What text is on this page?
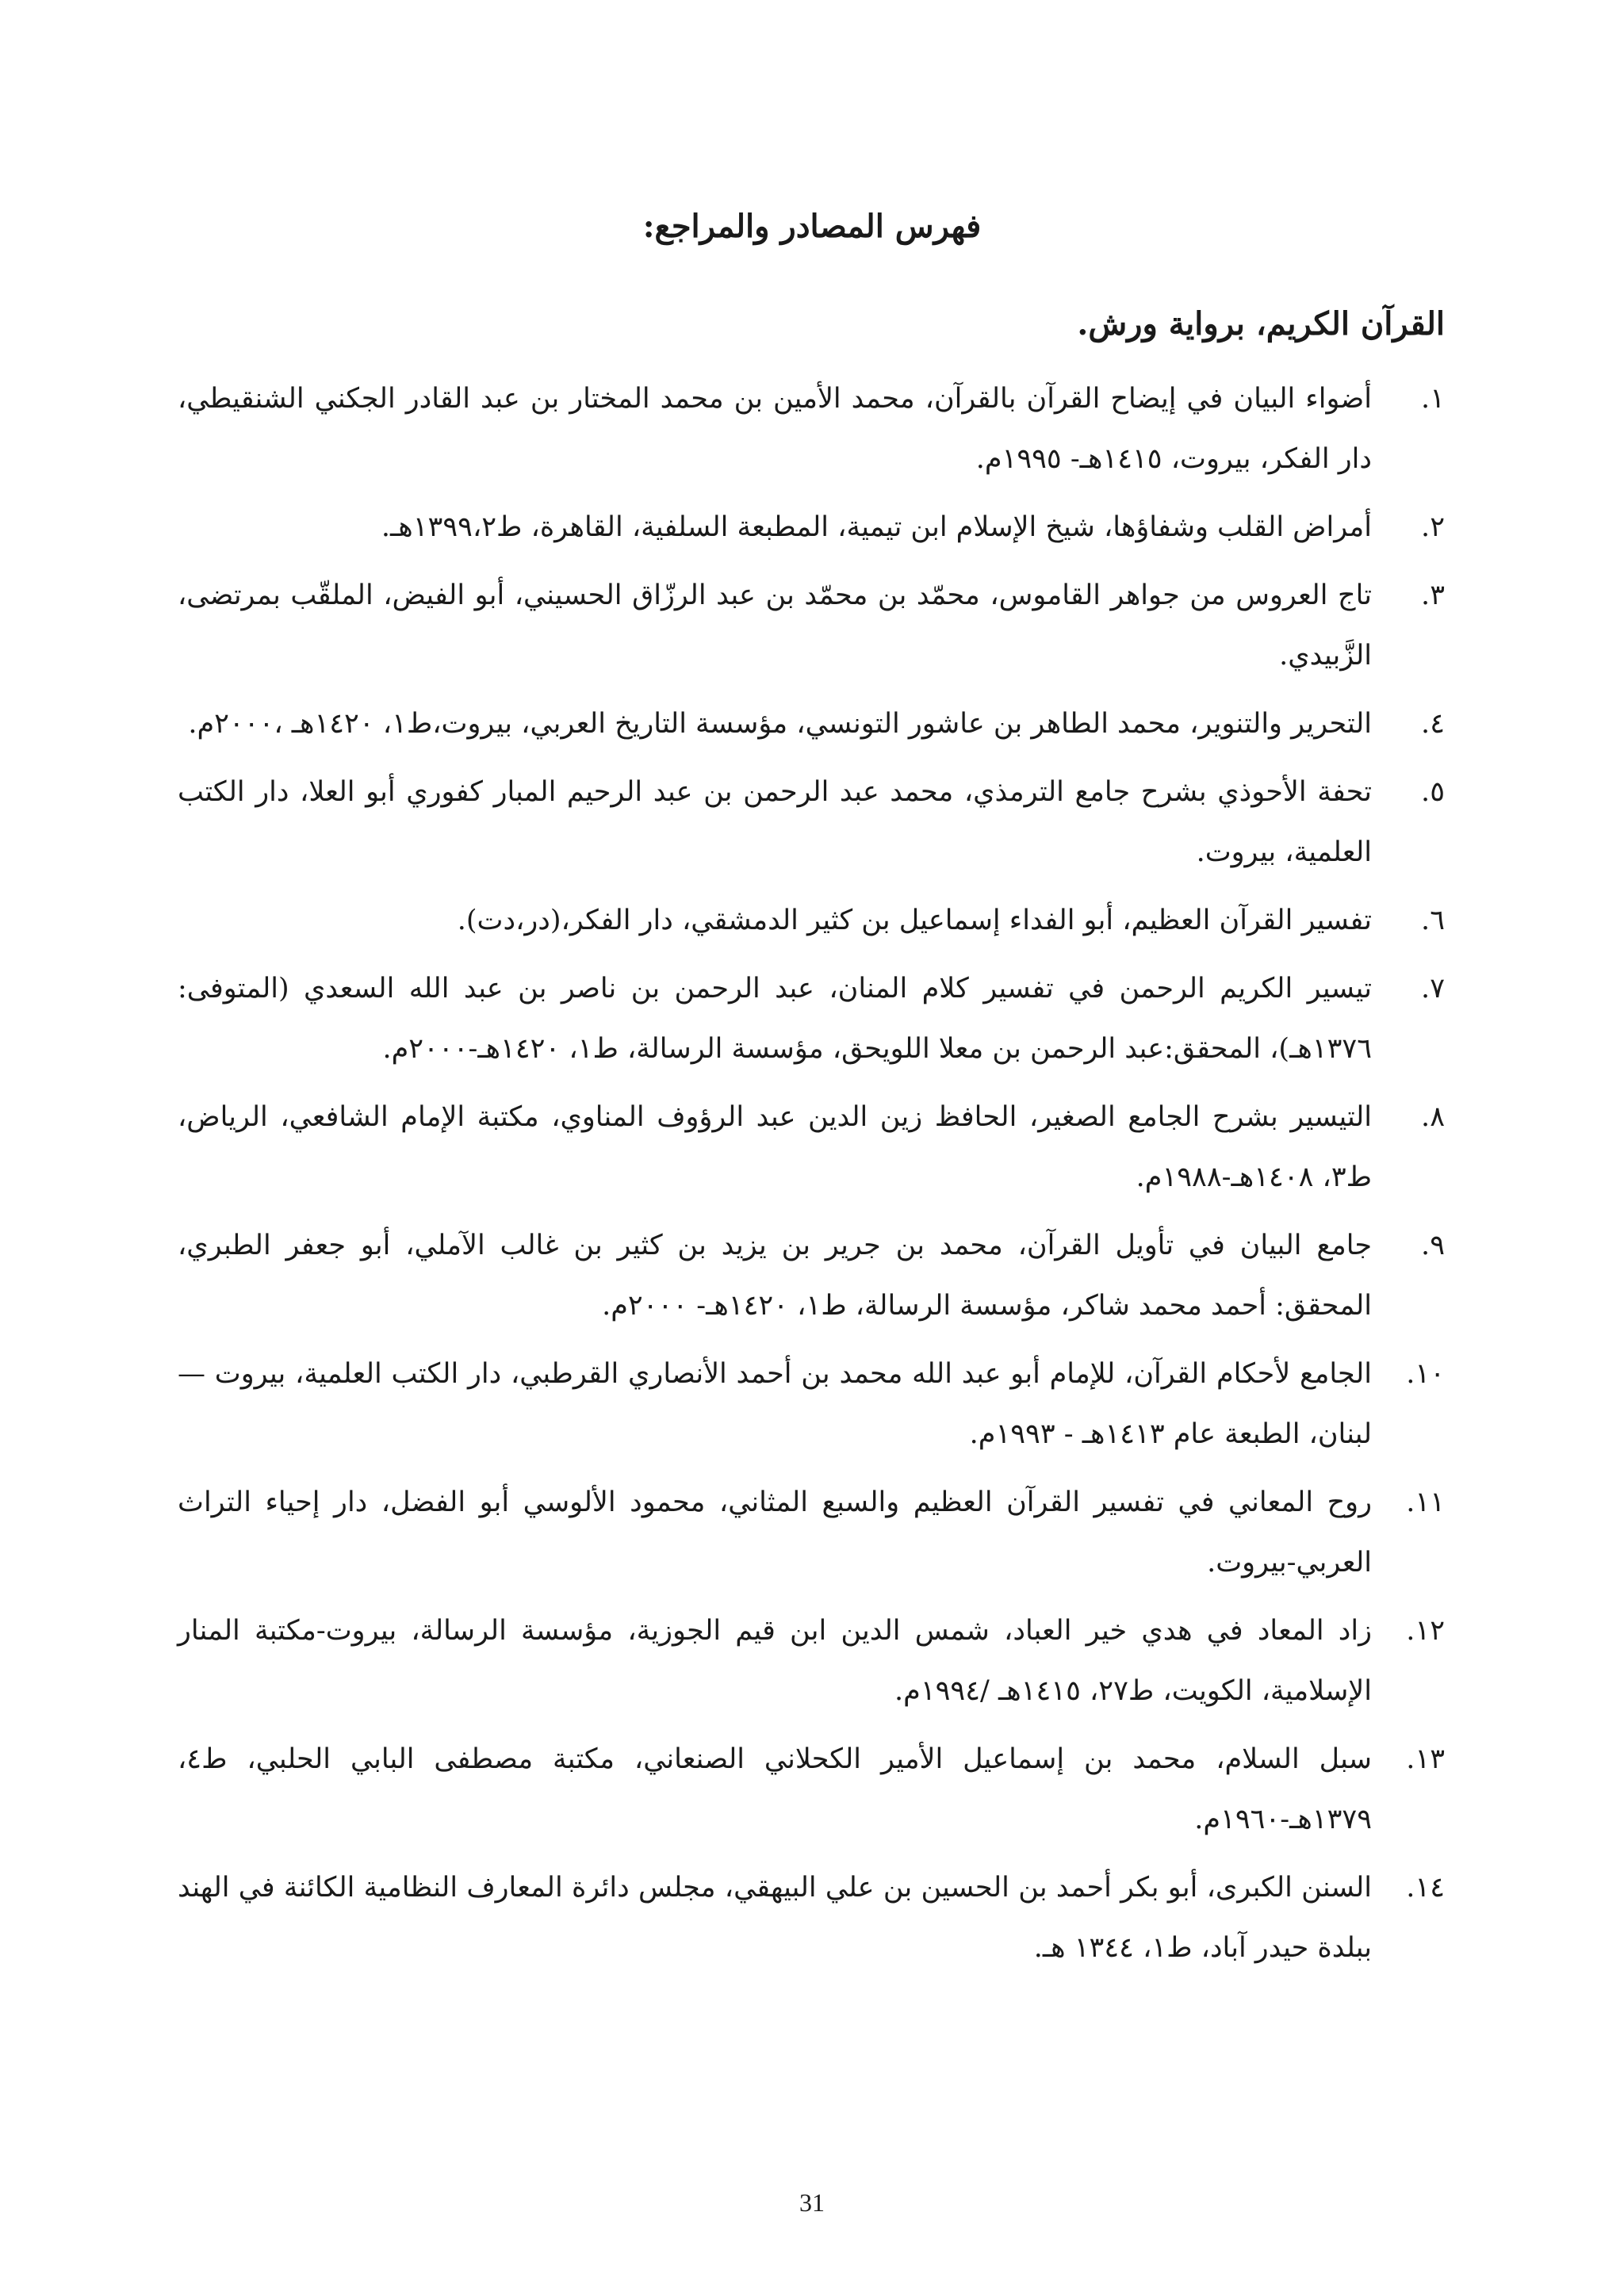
فهرس المصادر والمراجع:
القرآن الكريم، برواية ورش.
١.
أضواء البيان في إيضاح القرآن بالقرآن، محمد الأمين بن محمد المختار بن عبد القادر الجكني الشنقيطي، دار الفكر، بيروت، ١٤١٥هـ- ١٩٩٥م.
٢.
أمراض القلب وشفاؤها، شيخ الإسلام ابن تيمية، المطبعة السلفية، القاهرة، ط١٣٩٩،٢هـ.
٣.
تاج العروس من جواهر القاموس، محمّد بن محمّد بن عبد الرزّاق الحسيني، أبو الفيض، الملقّب بمرتضى، الزَّبيدي.
٤.
التحرير والتنوير، محمد الطاهر بن عاشور التونسي، مؤسسة التاريخ العربي، بيروت،ط١، ١٤٢٠هـ ،٢٠٠٠م.
٥.
تحفة الأحوذي بشرح جامع الترمذي، محمد عبد الرحمن بن عبد الرحيم المبار كفوري أبو العلا، دار الكتب العلمية، بيروت.
٦.
تفسير القرآن العظيم، أبو الفداء إسماعيل بن كثير الدمشقي، دار الفكر،(در،دت).
٧.
تيسير الكريم الرحمن في تفسير كلام المنان، عبد الرحمن بن ناصر بن عبد الله السعدي (المتوفى: ١٣٧٦هـ)، المحقق:عبد الرحمن بن معلا اللويحق، مؤسسة الرسالة، ط١، ١٤٢٠هـ-٢٠٠٠م.
٨.
التيسير بشرح الجامع الصغير، الحافظ زين الدين عبد الرؤوف المناوي، مكتبة الإمام الشافعي، الرياض، ط٣، ١٤٠٨هـ-١٩٨٨م.
٩.
جامع البيان في تأويل القرآن، محمد بن جرير بن يزيد بن كثير بن غالب الآملي، أبو جعفر الطبري، المحقق: أحمد محمد شاكر، مؤسسة الرسالة، ط١، ١٤٢٠هـ- ٢٠٠٠م.
١٠.
الجامع لأحكام القرآن، للإمام أبو عبد الله محمد بن أحمد الأنصاري القرطبي، دار الكتب العلمية، بيروت — لبنان، الطبعة عام ١٤١٣هـ - ١٩٩٣م.
١١.
روح المعاني في تفسير القرآن العظيم والسبع المثاني، محمود الألوسي أبو الفضل، دار إحياء التراث العربي-بيروت.
١٢.
زاد المعاد في هدي خير العباد، شمس الدين ابن قيم الجوزية، مؤسسة الرسالة، بيروت-مكتبة المنار الإسلامية، الكويت، ط٢٧، ١٤١٥هـ /١٩٩٤م.
١٣.
سبل السلام، محمد بن إسماعيل الأمير الكحلاني الصنعاني، مكتبة مصطفى البابي الحلبي، ط٤، ١٣٧٩هـ-١٩٦٠م.
١٤.
السنن الكبرى، أبو بكر أحمد بن الحسين بن علي البيهقي، مجلس دائرة المعارف النظامية الكائنة في الهند ببلدة حيدر آباد، ط١، ١٣٤٤ هـ.
31
